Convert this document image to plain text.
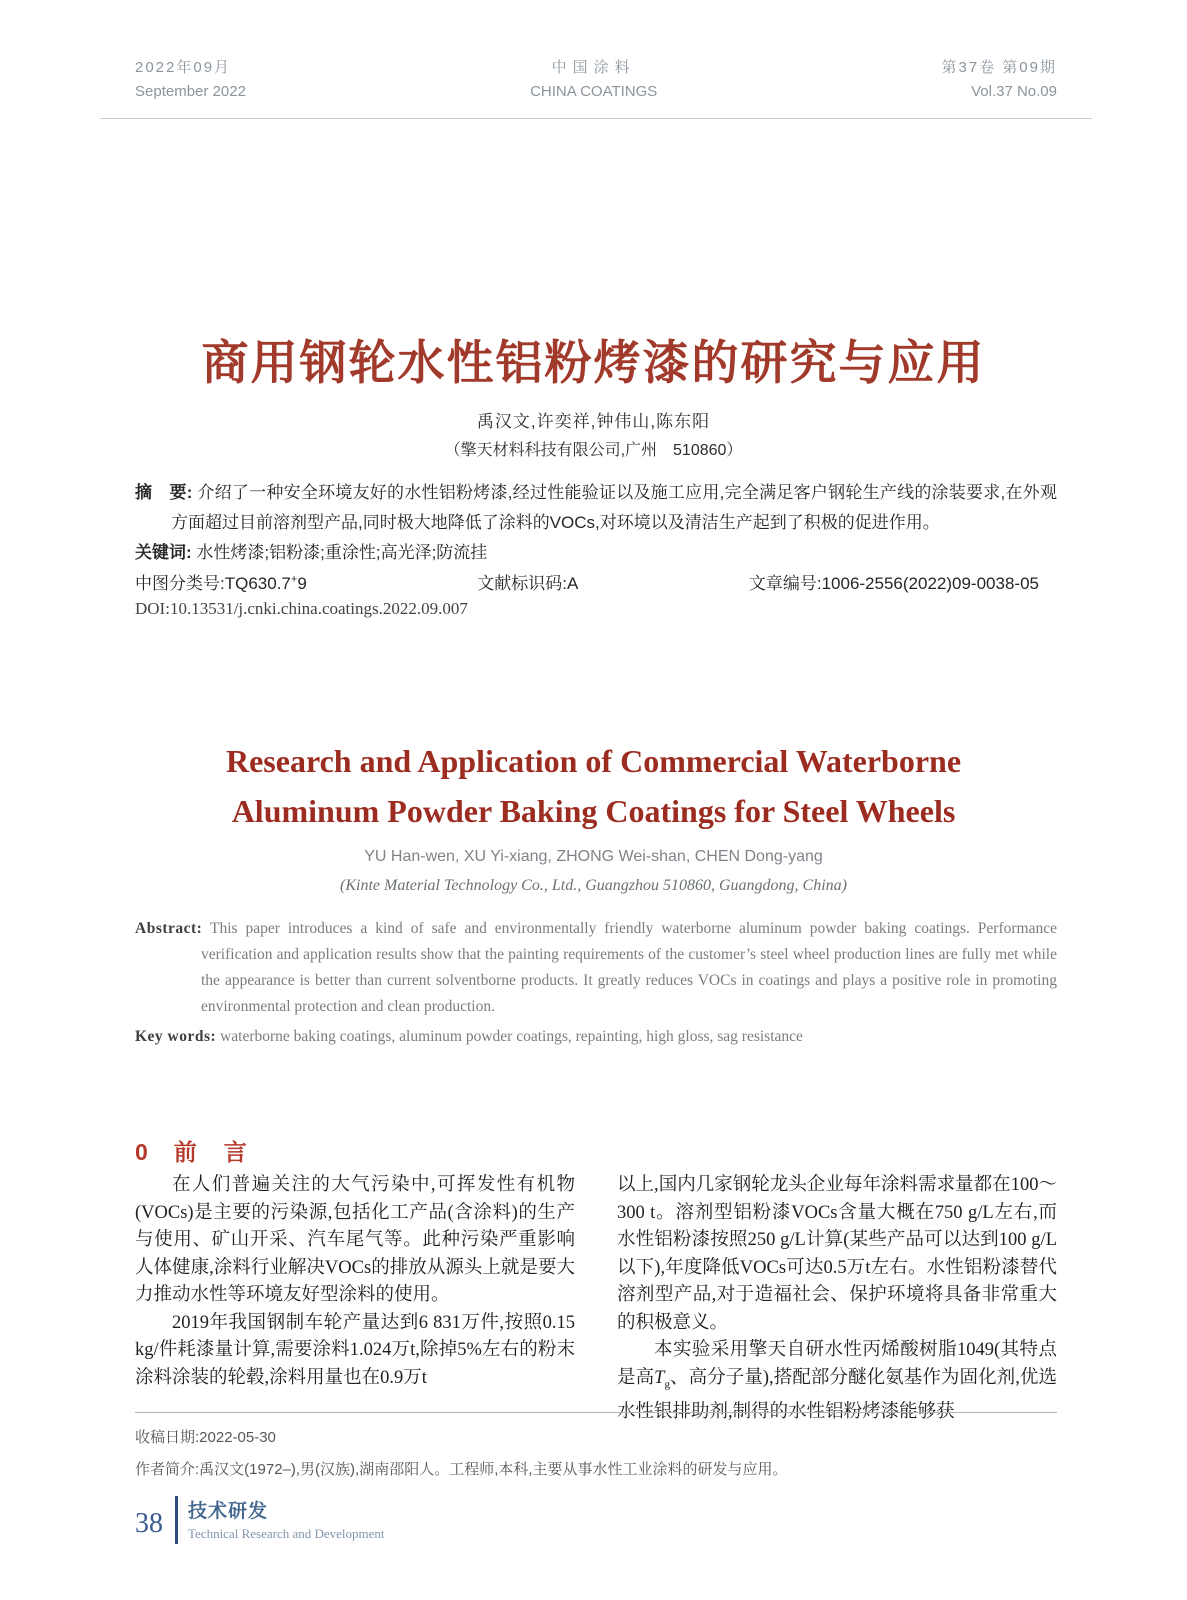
2022年09月
September 2022
中国涂料
CHINA COATINGS
第37卷 第09期
Vol.37 No.09
商用钢轮水性铝粉烤漆的研究与应用
禹汉文,许奕祥,钟伟山,陈东阳
（擎天材料科技有限公司,广州　510860）

摘　要: 介绍了一种安全环境友好的水性铝粉烤漆,经过性能验证以及施工应用,完全满足客户钢轮生产线的涂装要求,在外观方面超过目前溶剂型产品,同时极大地降低了涂料的VOCs,对环境以及清洁生产起到了积极的促进作用。

关键词: 水性烤漆;铝粉漆;重涂性;高光泽;防流挂

中图分类号:TQ630.7+9	文献标识码:A	文章编号:1006-2556(2022)09-0038-05
DOI:10.13531/j.cnki.china.coatings.2022.09.007
Research and Application of Commercial Waterborne
Aluminum Powder Baking Coatings for Steel Wheels
YU Han-wen, XU Yi-xiang, ZHONG Wei-shan, CHEN Dong-yang
(Kinte Material Technology Co., Ltd., Guangzhou 510860, Guangdong, China)

Abstract: This paper introduces a kind of safe and environmentally friendly waterborne aluminum powder baking coatings. Performance verification and application results show that the painting requirements of the customer’s steel wheel production lines are fully met while the appearance is better than current solventborne products. It greatly reduces VOCs in coatings and plays a positive role in promoting environmental protection and clean production.

Key words: waterborne baking coatings, aluminum powder coatings, repainting, high gloss, sag resistance

0 前　言

在人们普遍关注的大气污染中,可挥发性有机物(VOCs)是主要的污染源,包括化工产品(含涂料)的生产与使用、矿山开采、汽车尾气等。此种污染严重影响人体健康,涂料行业解决VOCs的排放从源头上就是要大力推动水性等环境友好型涂料的使用。

2019年我国钢制车轮产量达到6 831万件,按照0.15 kg/件耗漆量计算,需要涂料1.024万t,除掉5%左右的粉末涂料涂装的轮毂,涂料用量也在0.9万t

以上,国内几家钢轮龙头企业每年涂料需求量都在100～300 t。溶剂型铝粉漆VOCs含量大概在750 g/L左右,而水性铝粉漆按照250 g/L计算(某些产品可以达到100 g/L以下),年度降低VOCs可达0.5万t左右。水性铝粉漆替代溶剂型产品,对于造福社会、保护环境将具备非常重大的积极意义。

本实验采用擎天自研水性丙烯酸树脂1049(其特点是高$T_g$、高分子量),搭配部分醚化氨基作为固化剂,优选水性银排助剂,制得的水性铝粉烤漆能够获

收稿日期:2022-05-30
作者简介:禹汉文(1972–),男(汉族),湖南邵阳人。工程师,本科,主要从事水性工业涂料的研发与应用。
38 技术研发
Technical Research and Development
